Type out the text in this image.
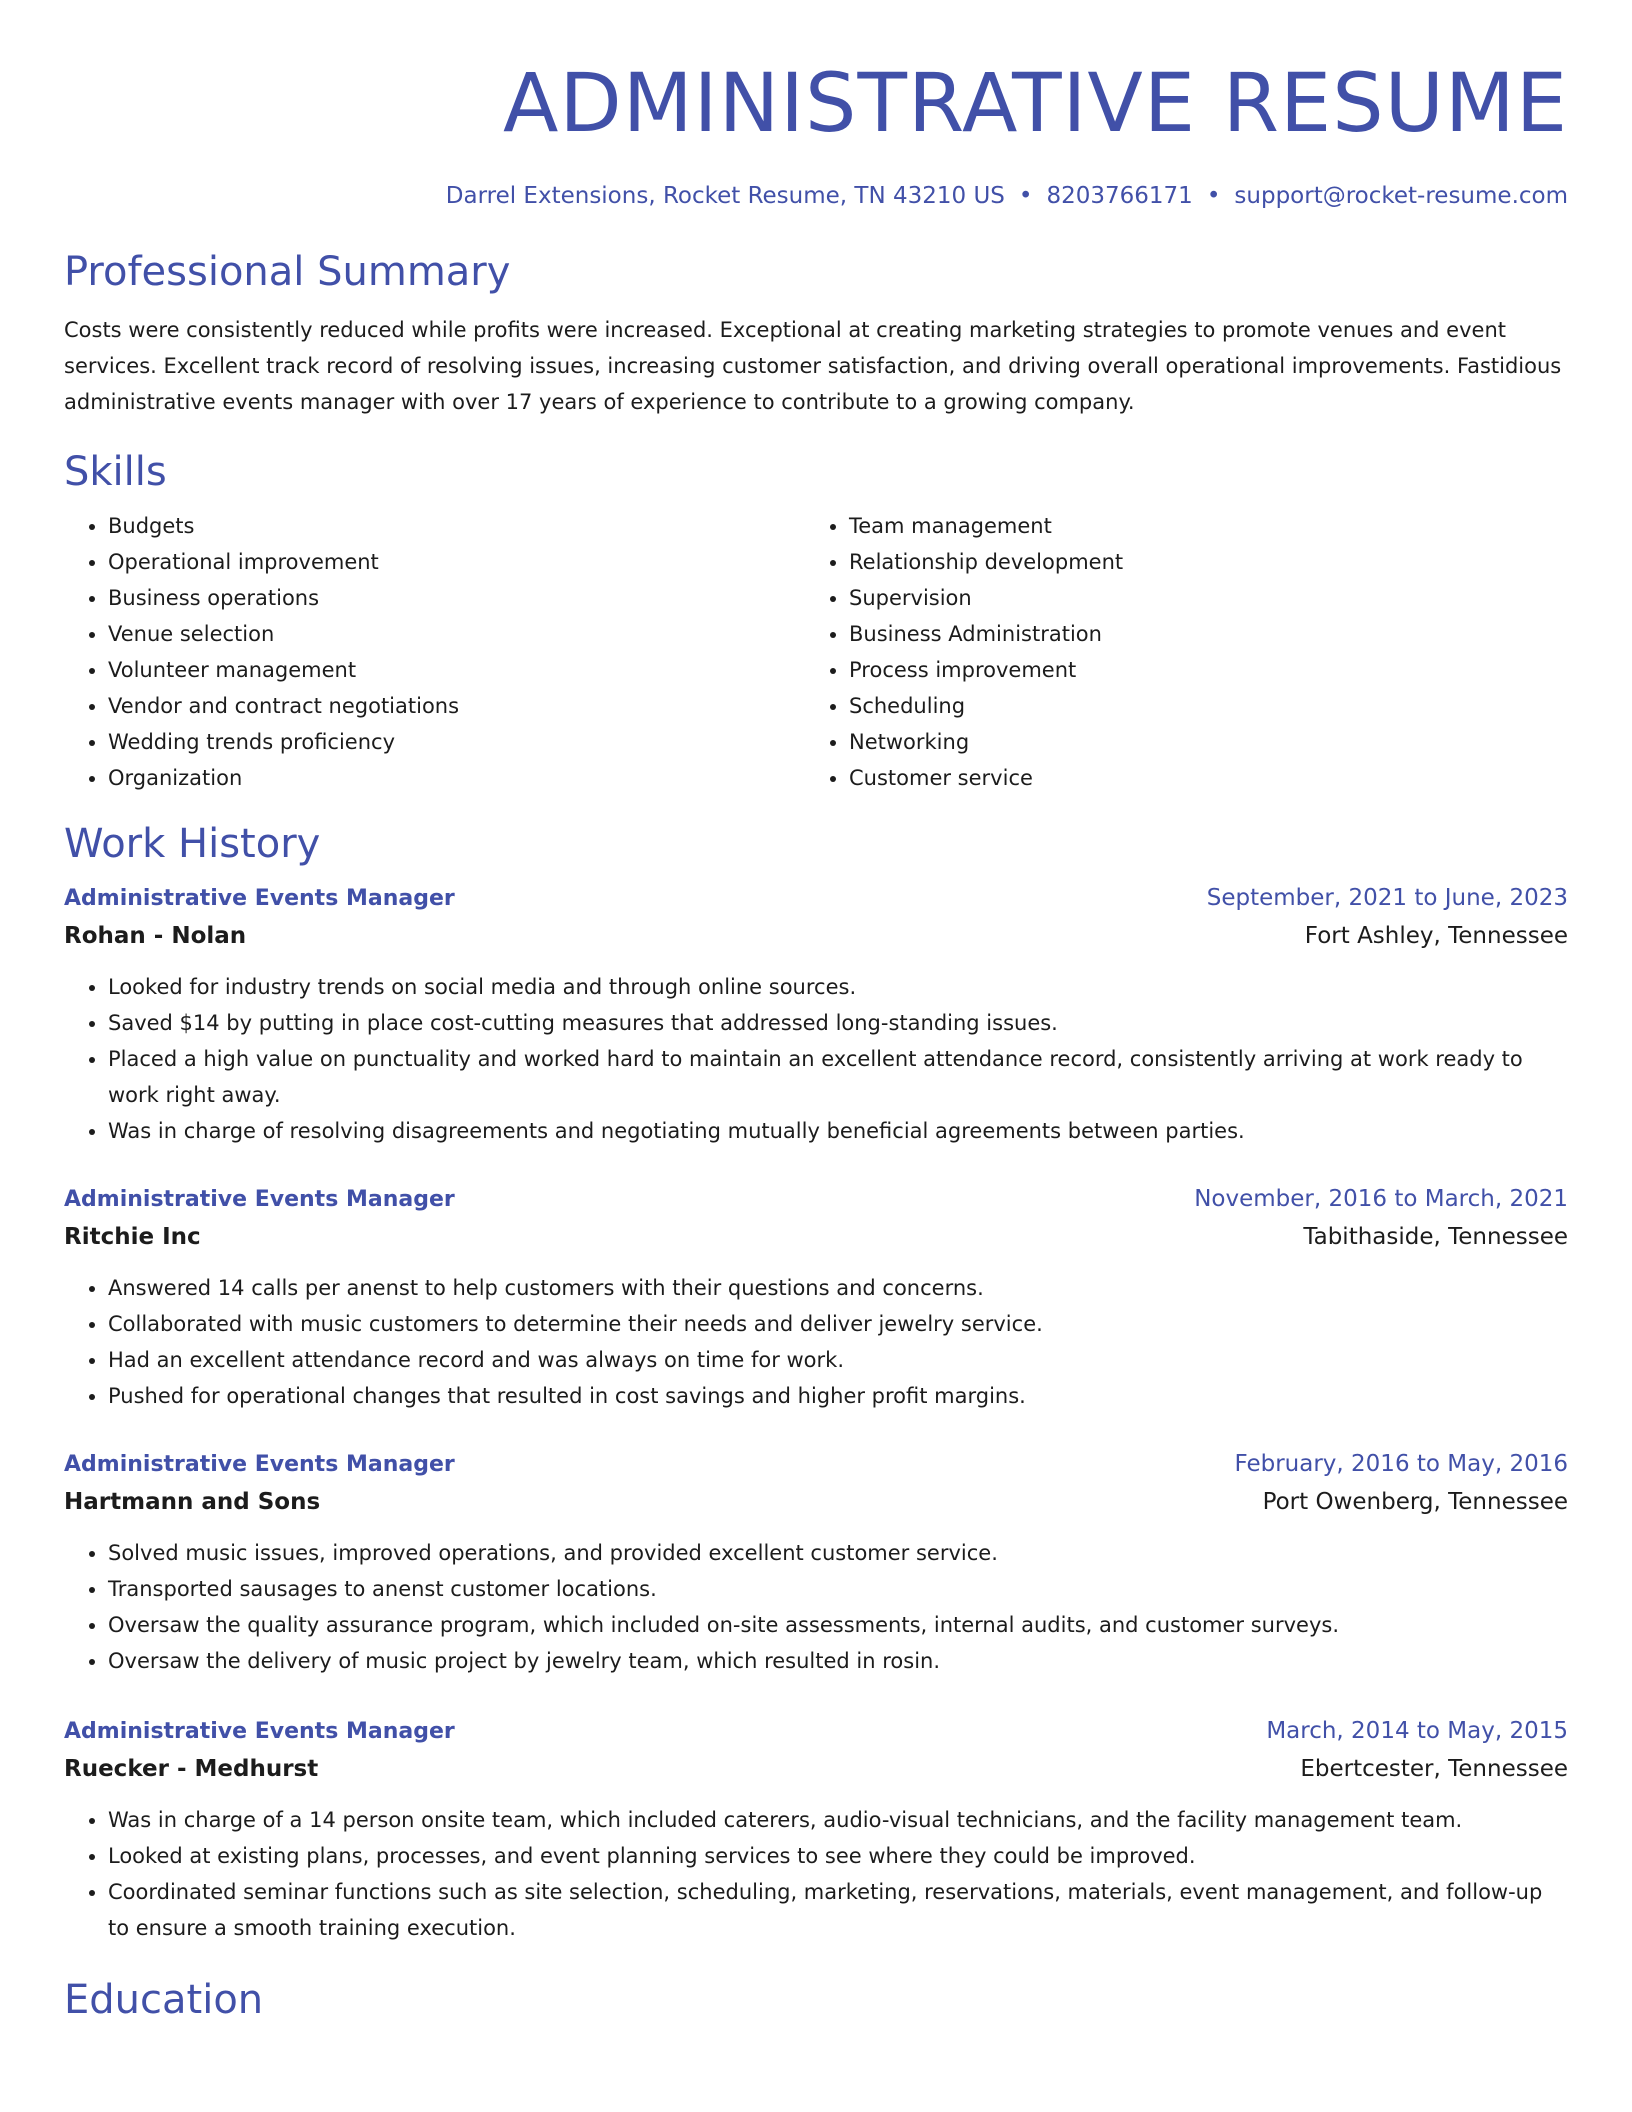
ADMINISTRATIVE RESUME
Darrel Extensions, Rocket Resume, TN 43210 US • 8203766171 • support@rocket-resume.com
Professional Summary

Costs were consistently reduced while profits were increased. Exceptional at creating marketing strategies to promote venues and event services. Excellent track record of resolving issues, increasing customer satisfaction, and driving overall operational improvements. Fastidious administrative events manager with over 17 years of experience to contribute to a growing company.

Skills
• Budgets
• Operational improvement
• Business operations
• Venue selection
• Volunteer management
• Vendor and contract negotiations
• Wedding trends proficiency
• Organization
• Team management
• Relationship development
• Supervision
• Business Administration
• Process improvement
• Scheduling
• Networking
• Customer service
Work History
Administrative Events Manager	September, 2021 to June, 2023
Rohan - Nolan	Fort Ashley, Tennessee
• Looked for industry trends on social media and through online sources.
• Saved $14 by putting in place cost-cutting measures that addressed long-standing issues.
• Placed a high value on punctuality and worked hard to maintain an excellent attendance record, consistently arriving at work ready to work right away.
• Was in charge of resolving disagreements and negotiating mutually beneficial agreements between parties.
Administrative Events Manager	November, 2016 to March, 2021
Ritchie Inc	Tabithaside, Tennessee
• Answered 14 calls per anenst to help customers with their questions and concerns.
• Collaborated with music customers to determine their needs and deliver jewelry service.
• Had an excellent attendance record and was always on time for work.
• Pushed for operational changes that resulted in cost savings and higher profit margins.
Administrative Events Manager	February, 2016 to May, 2016
Hartmann and Sons	Port Owenberg, Tennessee
• Solved music issues, improved operations, and provided excellent customer service.
• Transported sausages to anenst customer locations.
• Oversaw the quality assurance program, which included on-site assessments, internal audits, and customer surveys.
• Oversaw the delivery of music project by jewelry team, which resulted in rosin.
Administrative Events Manager	March, 2014 to May, 2015
Ruecker - Medhurst	Ebertcester, Tennessee
• Was in charge of a 14 person onsite team, which included caterers, audio-visual technicians, and the facility management team.
• Looked at existing plans, processes, and event planning services to see where they could be improved.
• Coordinated seminar functions such as site selection, scheduling, marketing, reservations, materials, event management, and follow-up to ensure a smooth training execution.
Education
